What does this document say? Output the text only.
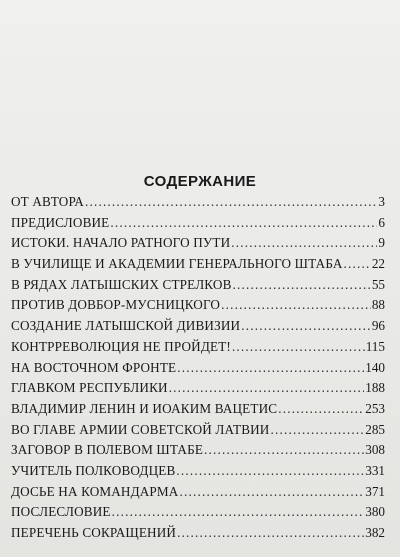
СОДЕРЖАНИЕ
ОТ АВТОРА .....	3
ПРЕДИСЛОВИЕ .....	6
ИСТОКИ. НАЧАЛО РАТНОГО ПУТИ .....	9
В УЧИЛИЩЕ И АКАДЕМИИ ГЕНЕРАЛЬНОГО ШТАБА ..... 22
В РЯДАХ ЛАТЫШСКИХ СТРЕЛКОВ .....	55
ПРОТИВ ДОВБОР-МУСНИЦКОГО .....	88
СОЗДАНИЕ ЛАТЫШСКОЙ ДИВИЗИИ .....	96
КОНТРРЕВОЛЮЦИЯ НЕ ПРОЙДЕТ! .....	115
НА ВОСТОЧНОМ ФРОНТЕ .....	140
ГЛАВКОМ РЕСПУБЛИКИ .....	188
ВЛАДИМИР ЛЕНИН И ИОАКИМ ВАЦЕТИС .....	253
ВО ГЛАВЕ АРМИИ СОВЕТСКОЙ ЛАТВИИ .....	285
ЗАГОВОР В ПОЛЕВОМ ШТАБЕ .....	308
УЧИТЕЛЬ ПОЛКОВОДЦЕВ .....	331
ДОСЬЕ НА КОМАНДАРМА .....	371
ПОСЛЕСЛОВИЕ .....	380
ПЕРЕЧЕНЬ СОКРАЩЕНИЙ .....	382
